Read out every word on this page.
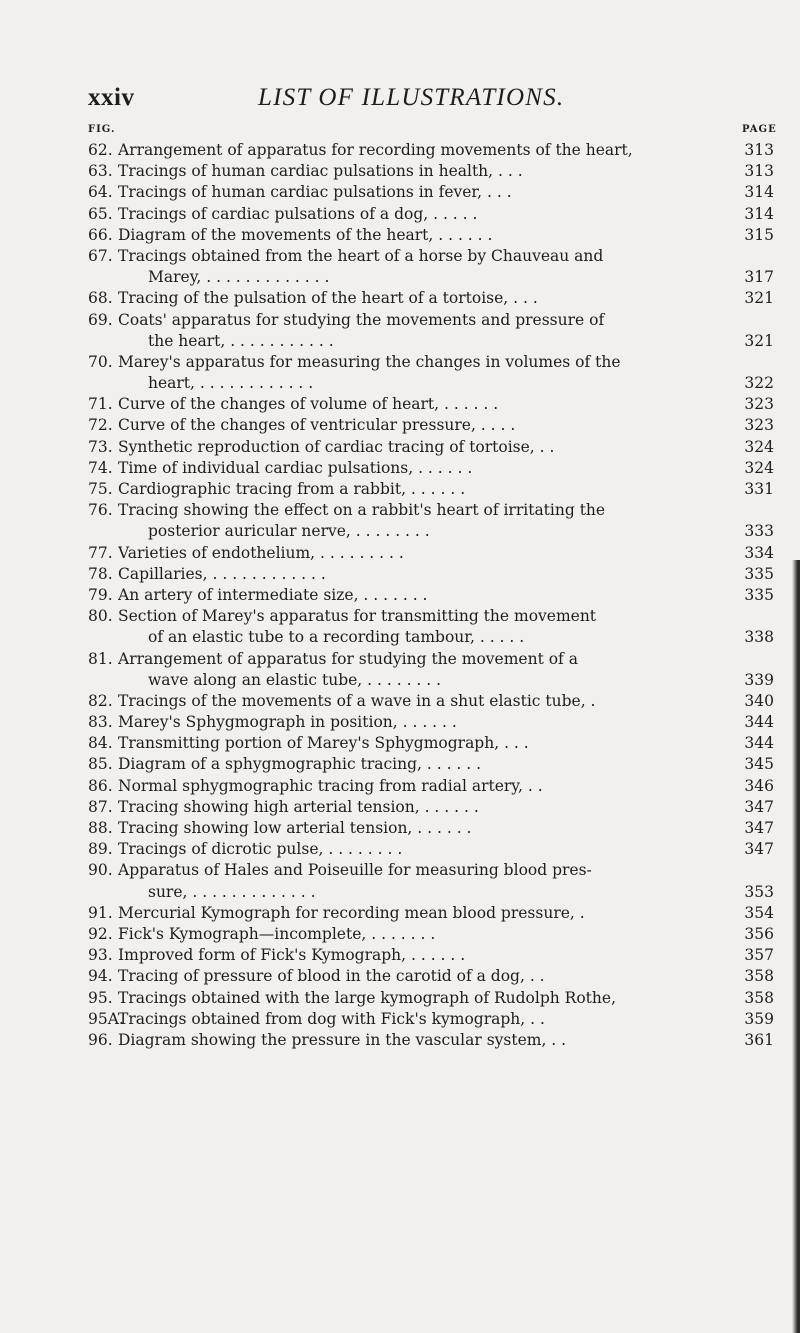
xxiv	LIST OF ILLUSTRATIONS.
FIG.	PAGE
62. Arrangement of apparatus for recording movements of the heart,	313
63. Tracings of human cardiac pulsations in health, . . .	313
64. Tracings of human cardiac pulsations in fever, . . .	314
65. Tracings of cardiac pulsations of a dog, . . . . .	314
66. Diagram of the movements of the heart, . . . . . .	315
67. Tracings obtained from the heart of a horse by Chauveau and
Marey, . . . . . . . . . . . . .	317
68. Tracing of the pulsation of the heart of a tortoise, . . .	321
69. Coats' apparatus for studying the movements and pressure of
the heart, . . . . . . . . . . .	321
70. Marey's apparatus for measuring the changes in volumes of the
heart, . . . . . . . . . . . .	322
71. Curve of the changes of volume of heart, . . . . . .	323
72. Curve of the changes of ventricular pressure, . . . .	323
73. Synthetic reproduction of cardiac tracing of tortoise, . .	324
74. Time of individual cardiac pulsations, . . . . . .	324
75. Cardiographic tracing from a rabbit, . . . . . .	331
76. Tracing showing the effect on a rabbit's heart of irritating the
posterior auricular nerve, . . . . . . . .	333
77. Varieties of endothelium, . . . . . . . . .	334
78. Capillaries, . . . . . . . . . . . .	335
79. An artery of intermediate size, . . . . . . .	335
80. Section of Marey's apparatus for transmitting the movement
of an elastic tube to a recording tambour, . . . . .	338
81. Arrangement of apparatus for studying the movement of a
wave along an elastic tube, . . . . . . . .	339
82. Tracings of the movements of a wave in a shut elastic tube, .	340
83. Marey's Sphygmograph in position, . . . . . .	344
84. Transmitting portion of Marey's Sphygmograph, . . .	344
85. Diagram of a sphygmographic tracing, . . . . . .	345
86. Normal sphygmographic tracing from radial artery, . .	346
87. Tracing showing high arterial tension, . . . . . .	347
88. Tracing showing low arterial tension, . . . . . .	347
89. Tracings of dicrotic pulse, . . . . . . . .	347
90. Apparatus of Hales and Poiseuille for measuring blood pres-
sure, . . . . . . . . . . . . .	353
91. Mercurial Kymograph for recording mean blood pressure, .	354
92. Fick's Kymograph—incomplete, . . . . . . .	356
93. Improved form of Fick's Kymograph, . . . . . .	357
94. Tracing of pressure of blood in the carotid of a dog, . .	358
95. Tracings obtained with the large kymograph of Rudolph Rothe,	358
95A.
Tracings obtained from dog with Fick's kymograph, . .	359
96. Diagram showing the pressure in the vascular system, . .	361
